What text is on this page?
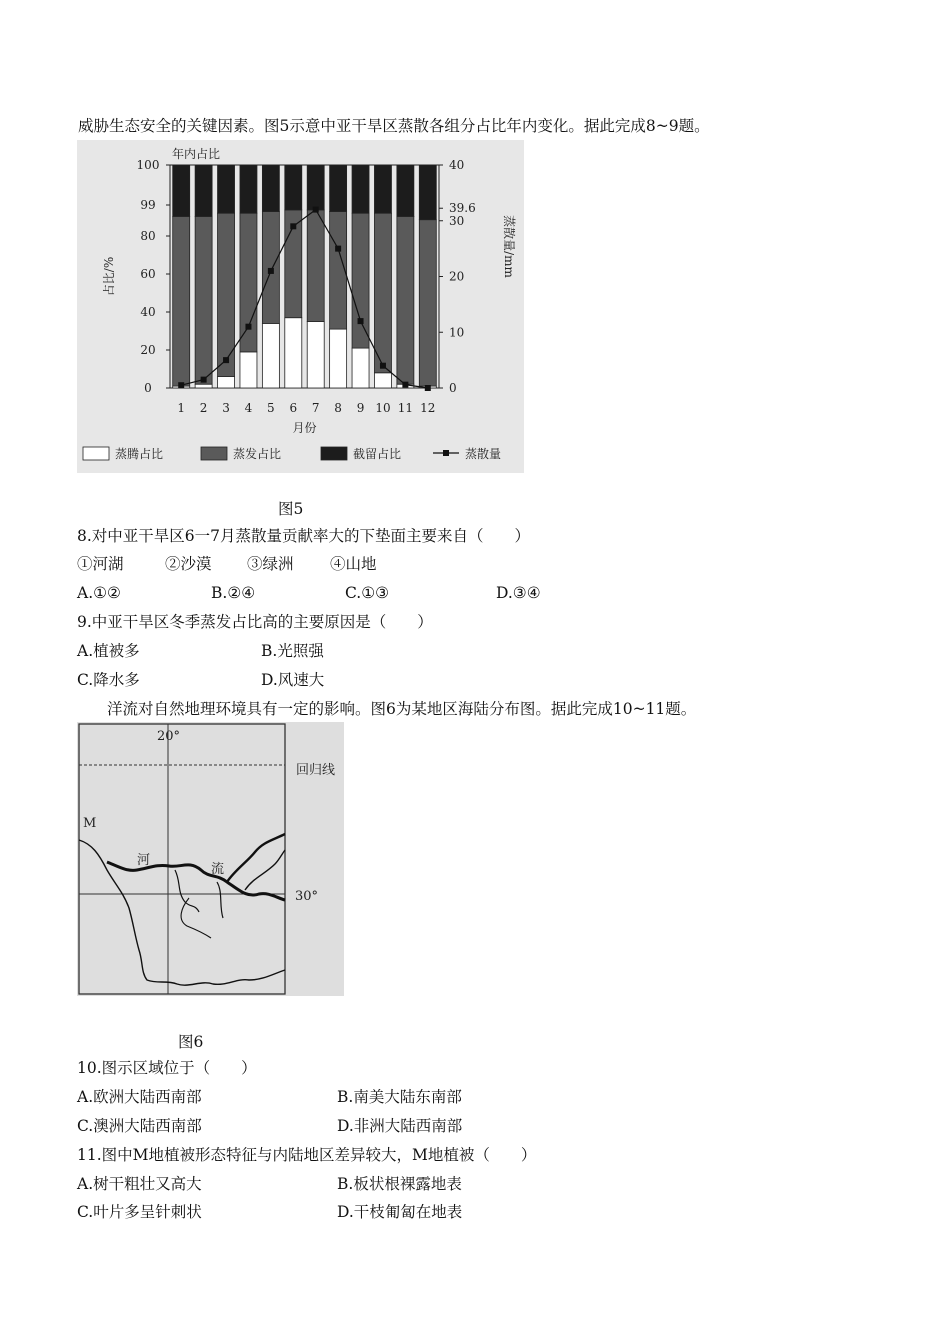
威胁生态安全的关键因素。图5示意中亚干旱区蒸散各组分占比年内变化。据此完成8~9题。
100
99
80
60
40
20
0
40
39.6
30
20
10
0
1 2 3 4 5 6 7 8 9 10 11 12
年内占比
月份
占比/%	蒸散量/mm
蒸腾占比	蒸发占比	截留占比	蒸散量
图5
8.对中亚干旱区6一7月蒸散量贡献率大的下垫面主要来自（　　）
①河湖	②沙漠 ③绿洲 ④山地
A.①②	B.②④	C.①③	D.③④
9.中亚干旱区冬季蒸发占比高的主要原因是（　　）
A.植被多	B.光照强
C.降水多	D.风速大
洋流对自然地理环境具有一定的影响。图6为某地区海陆分布图。据此完成10~11题。
20°
回归线
30°
M
河
流
图6
10.图示区域位于（　　）
A.欧洲大陆西南部	B.南美大陆东南部
C.澳洲大陆西南部	D.非洲大陆西南部
11.图中M地植被形态特征与内陆地区差异较大，M地植被（　　）
A.树干粗壮又高大	B.板状根裸露地表
C.叶片多呈针刺状	D.干枝匍匐在地表
